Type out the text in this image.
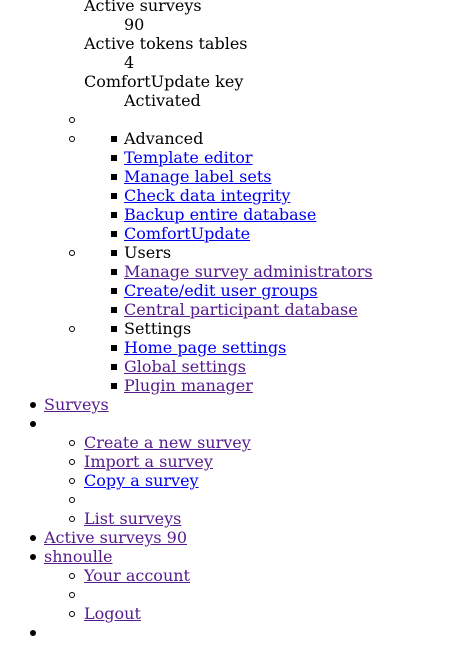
Active surveys
90
Active tokens tables
4
ComfortUpdate key
Activated
Advanced
Template editor
Manage label sets
Check data integrity
Backup entire database
ComfortUpdate
Users
Manage survey administrators
Create/edit user groups
Central participant database
Settings
Home page settings
Global settings
Plugin manager
Surveys
Create a new survey
Import a survey
Copy a survey
List surveys
Active surveys 90
shnoulle
Your account
Logout
